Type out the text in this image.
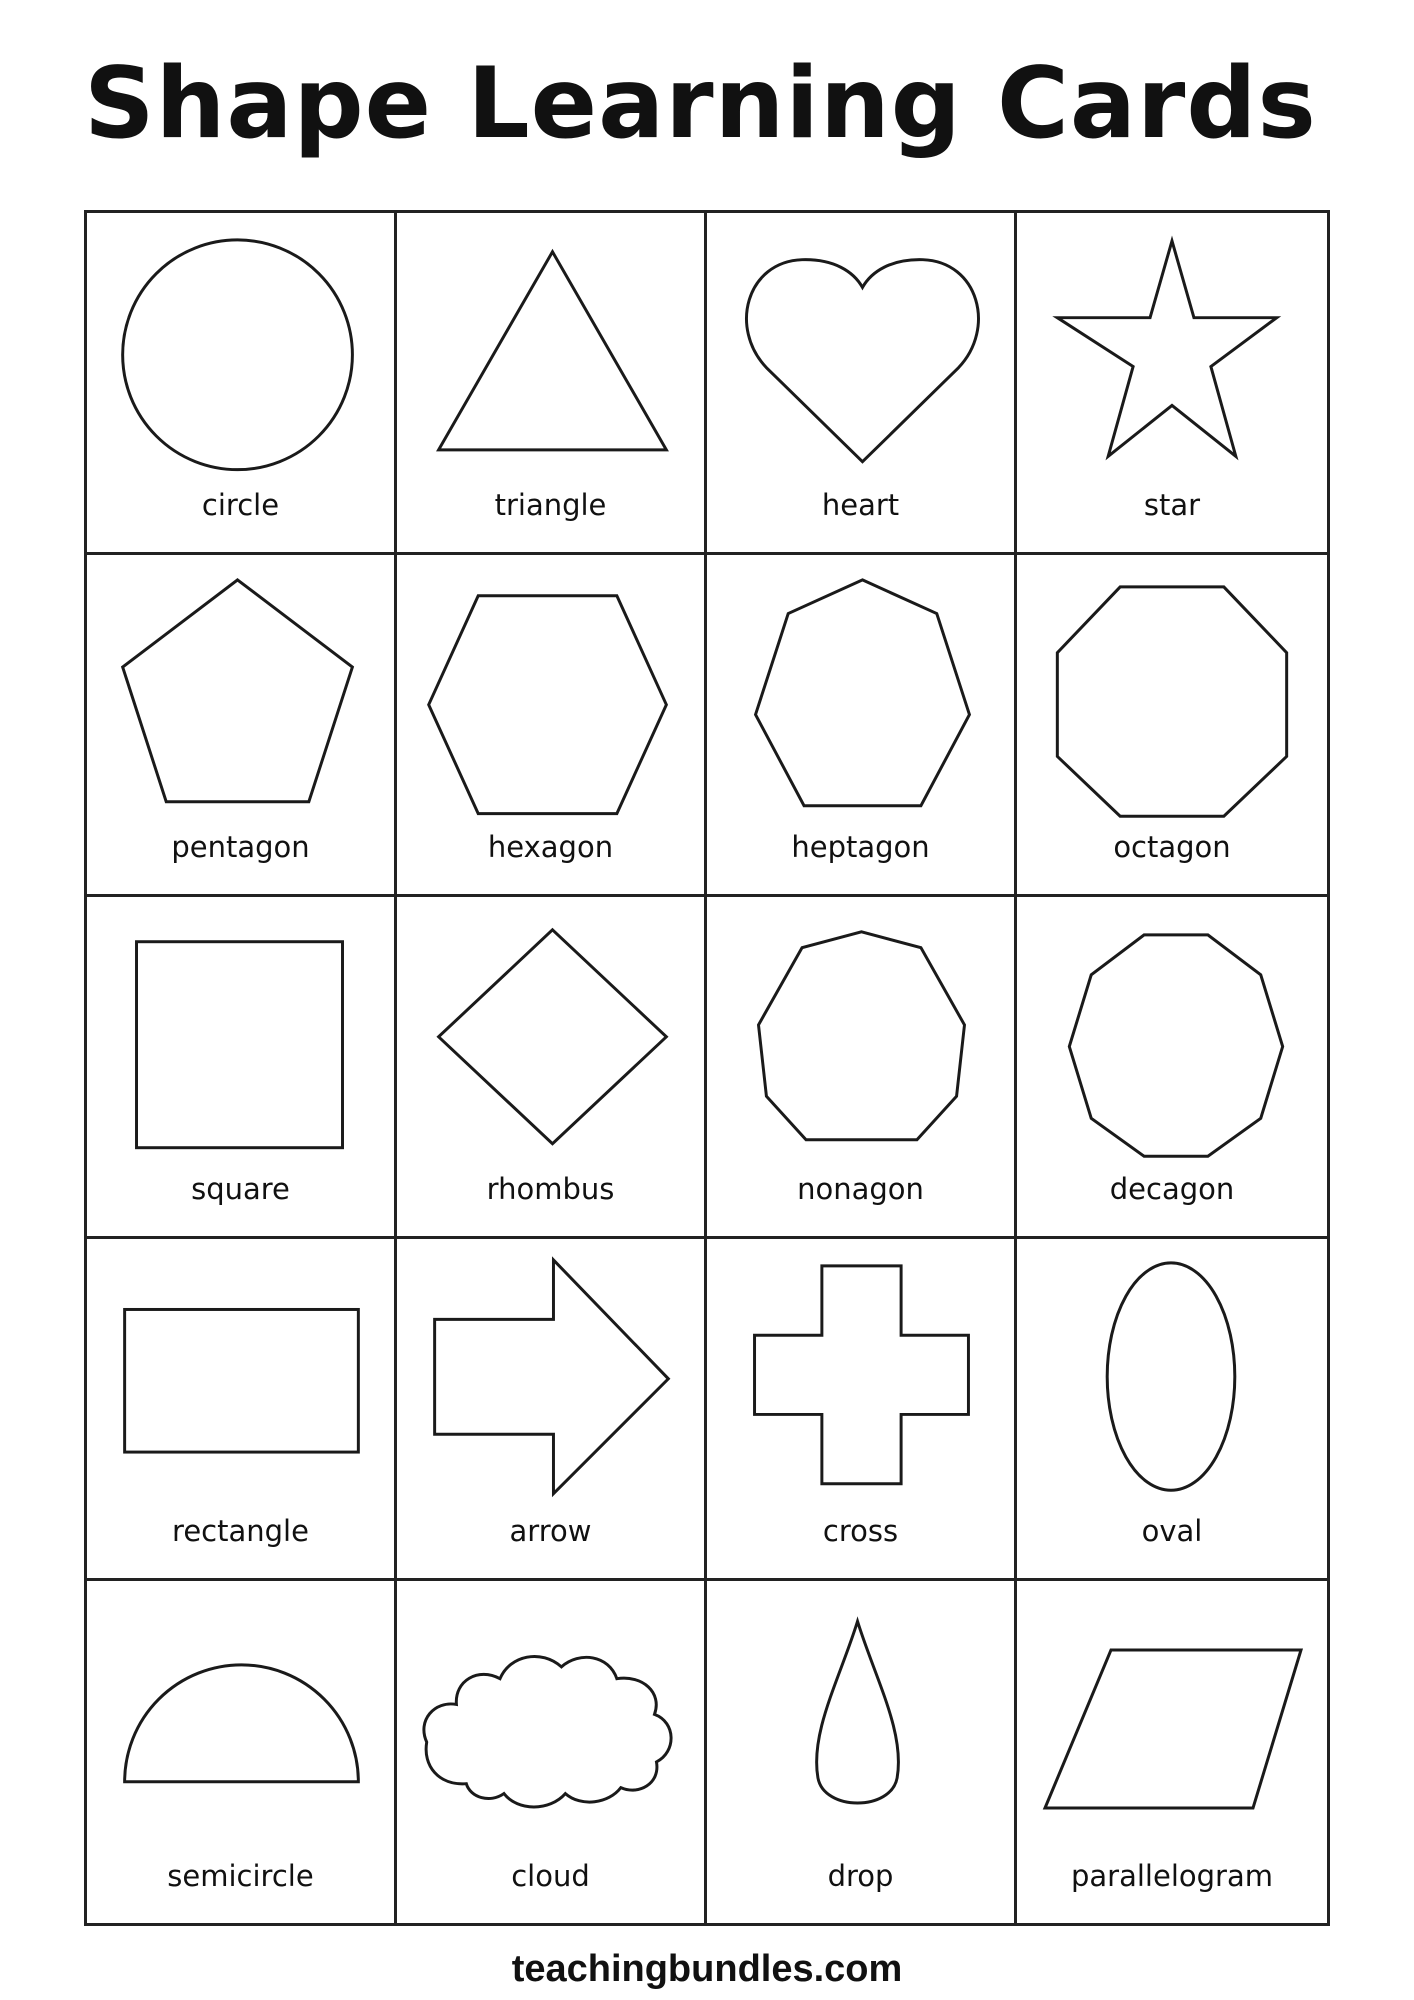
Shape Learning Cards
circle	triangle	heart	star
pentagon	hexagon	heptagon	octagon
square	rhombus	nonagon	decagon
rectangle	arrow	cross	oval
semicircle	cloud	drop	parallelogram
teachingbundles.com
